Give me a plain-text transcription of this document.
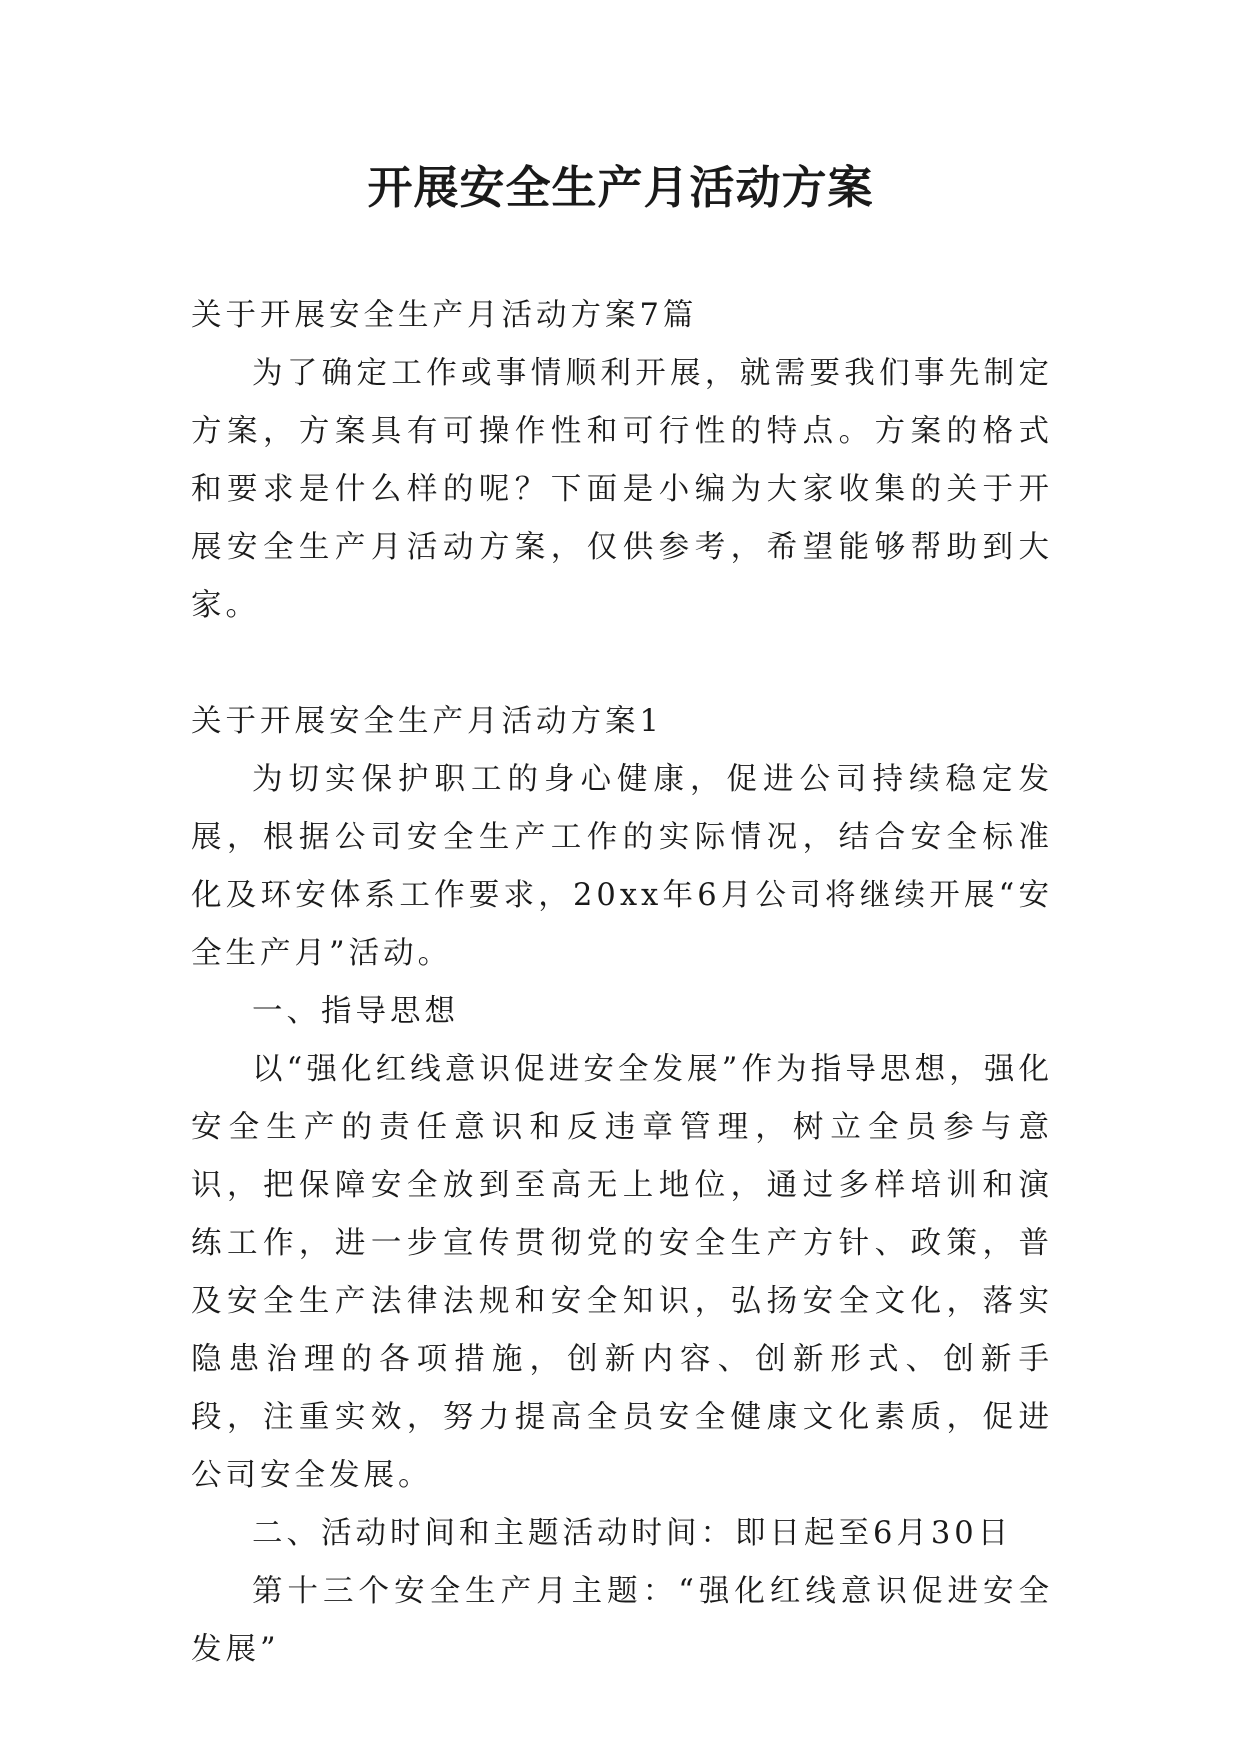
开展安全生产月活动方案

关于开展安全生产月活动方案7篇

为了确定工作或事情顺利开展，就需要我们事先制定方案，方案具有可操作性和可行性的特点。方案的格式和要求是什么样的呢？下面是小编为大家收集的关于开展安全生产月活动方案，仅供参考，希望能够帮助到大家。

关于开展安全生产月活动方案1

为切实保护职工的身心健康，促进公司持续稳定发展，根据公司安全生产工作的实际情况，结合安全标准化及环安体系工作要求，20xx年6月公司将继续开展“安全生产月”活动。

一、指导思想

以“强化红线意识促进安全发展”作为指导思想，强化安全生产的责任意识和反违章管理，树立全员参与意识，把保障安全放到至高无上地位，通过多样培训和演练工作，进一步宣传贯彻党的安全生产方针、政策，普及安全生产法律法规和安全知识，弘扬安全文化，落实隐患治理的各项措施，创新内容、创新形式、创新手段，注重实效，努力提高全员安全健康文化素质，促进公司安全发展。

二、活动时间和主题活动时间：即日起至6月30日

第十三个安全生产月主题：“强化红线意识促进安全发展”
